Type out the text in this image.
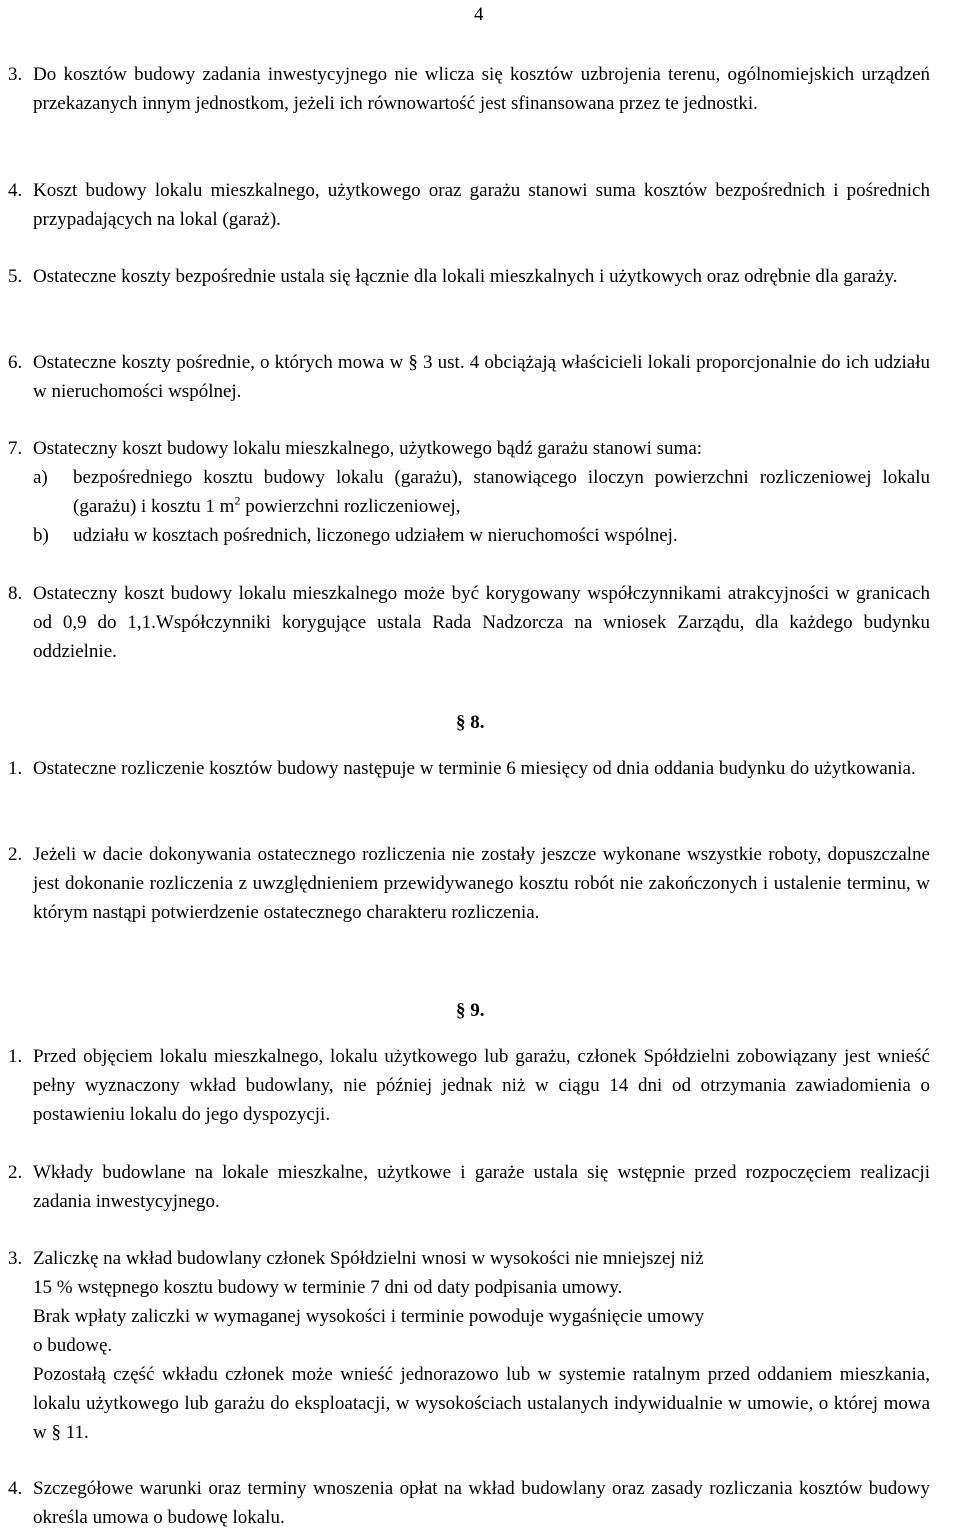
4
3. Do kosztów budowy zadania inwestycyjnego nie wlicza się kosztów uzbrojenia terenu, ogólnomiejskich urządzeń przekazanych innym jednostkom, jeżeli ich równowartość jest sfinansowana przez te jednostki.
4. Koszt budowy lokalu mieszkalnego, użytkowego oraz garażu stanowi suma kosztów bezpośrednich i pośrednich przypadających na lokal (garaż).
5. Ostateczne koszty bezpośrednie ustala się łącznie dla lokali mieszkalnych i użytkowych oraz odrębnie dla garaży.
6. Ostateczne koszty pośrednie, o których mowa w § 3 ust. 4 obciążają właścicieli lokali proporcjonalnie do ich udziału w nieruchomości wspólnej.
7. Ostateczny koszt budowy lokalu mieszkalnego, użytkowego bądź garażu stanowi suma:
a) bezpośredniego kosztu budowy lokalu (garażu), stanowiącego iloczyn powierzchni rozliczeniowej lokalu (garażu) i kosztu 1 $m^2$ powierzchni rozliczeniowej,
b) udziału w kosztach pośrednich, liczonego udziałem w nieruchomości wspólnej.
8. Ostateczny koszt budowy lokalu mieszkalnego może być korygowany współczynnikami atrakcyjności w granicach od 0,9 do 1,1.Współczynniki korygujące ustala Rada Nadzorcza na wniosek Zarządu, dla każdego budynku oddzielnie.
§ 8.
1. Ostateczne rozliczenie kosztów budowy następuje w terminie 6 miesięcy od dnia oddania budynku do użytkowania.
2. Jeżeli w dacie dokonywania ostatecznego rozliczenia nie zostały jeszcze wykonane wszystkie roboty, dopuszczalne jest dokonanie rozliczenia z uwzględnieniem przewidywanego kosztu robót nie zakończonych i ustalenie terminu, w którym nastąpi potwierdzenie ostatecznego charakteru rozliczenia.
§ 9.
1. Przed objęciem lokalu mieszkalnego, lokalu użytkowego lub garażu, członek Spółdzielni zobowiązany jest wnieść pełny wyznaczony wkład budowlany, nie później jednak niż w ciągu 14 dni od otrzymania zawiadomienia o postawieniu lokalu do jego dyspozycji.
2. Wkłady budowlane na lokale mieszkalne, użytkowe i garaże ustala się wstępnie przed rozpoczęciem realizacji zadania inwestycyjnego.
3. Zaliczkę na wkład budowlany członek Spółdzielni wnosi w wysokości nie mniejszej niż
15 % wstępnego kosztu budowy w terminie 7 dni od daty podpisania umowy.
Brak wpłaty zaliczki w wymaganej wysokości i terminie powoduje wygaśnięcie umowy
o budowę.
Pozostałą część wkładu członek może wnieść jednorazowo lub w systemie ratalnym przed oddaniem mieszkania, lokalu użytkowego lub garażu do eksploatacji, w wysokościach ustalanych indywidualnie w umowie, o której mowa w § 11.
4. Szczegółowe warunki oraz terminy wnoszenia opłat na wkład budowlany oraz zasady rozliczania kosztów budowy określa umowa o budowę lokalu.
